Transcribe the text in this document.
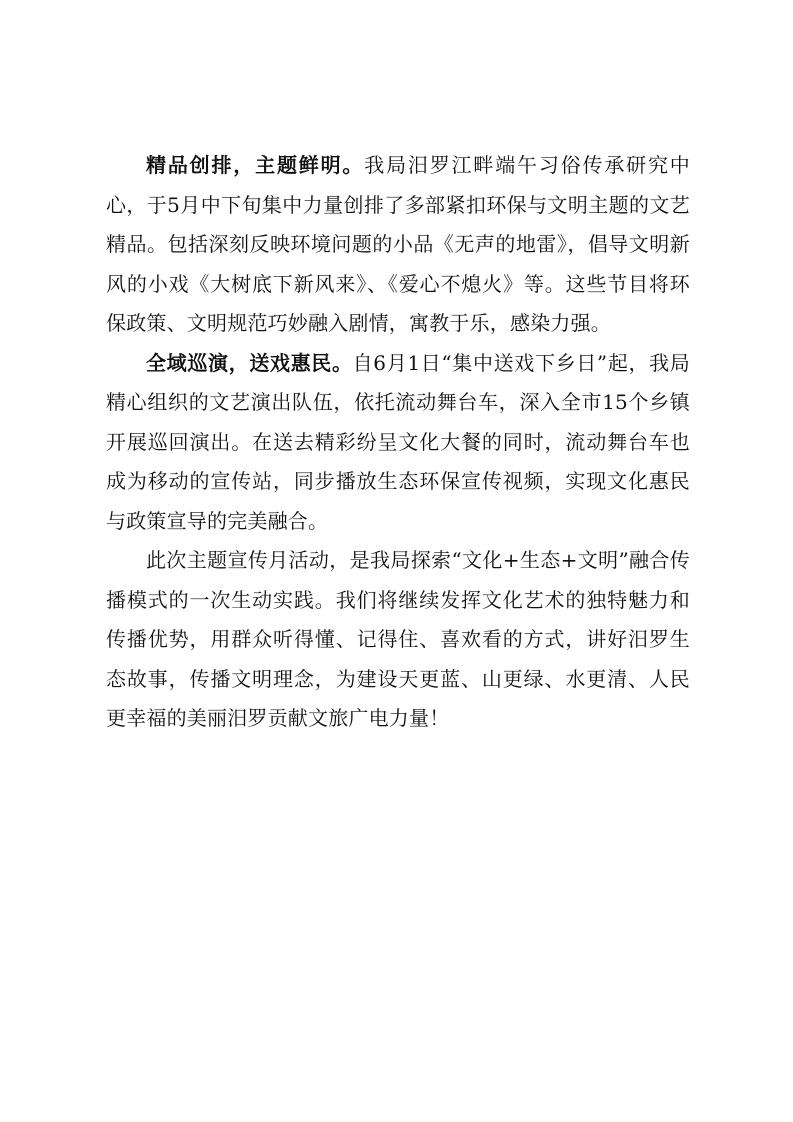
精品创排，主题鲜明。我局汨罗江畔端午习俗传承研究中心，于5月中下旬集中力量创排了多部紧扣环保与文明主题的文艺精品。包括深刻反映环境问题的小品《无声的地雷》，倡导文明新风的小戏《大树底下新风来》、《爱心不熄火》等。这些节目将环保政策、文明规范巧妙融入剧情，寓教于乐，感染力强。

全域巡演，送戏惠民。自6月1日“集中送戏下乡日”起，我局精心组织的文艺演出队伍，依托流动舞台车，深入全市15个乡镇开展巡回演出。在送去精彩纷呈文化大餐的同时，流动舞台车也成为移动的宣传站，同步播放生态环保宣传视频，实现文化惠民与政策宣导的完美融合。

此次主题宣传月活动，是我局探索“文化+生态+文明”融合传播模式的一次生动实践。我们将继续发挥文化艺术的独特魅力和传播优势，用群众听得懂、记得住、喜欢看的方式，讲好汨罗生态故事，传播文明理念，为建设天更蓝、山更绿、水更清、人民更幸福的美丽汨罗贡献文旅广电力量！
